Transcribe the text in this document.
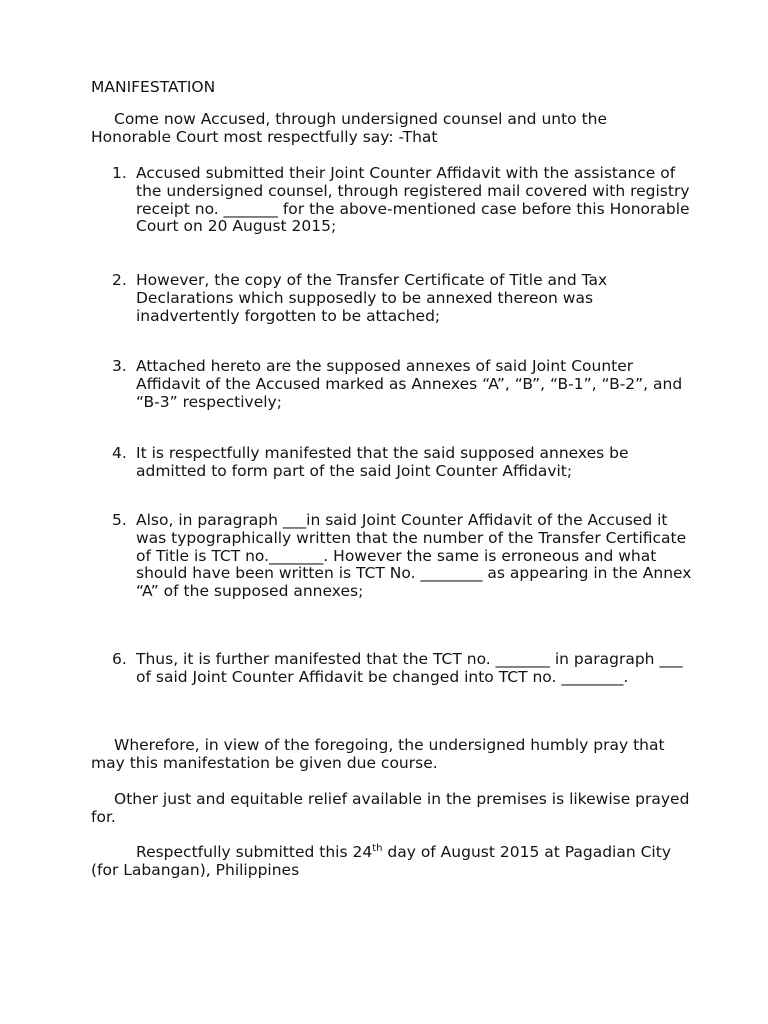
MANIFESTATION

Come now Accused, through undersigned counsel and unto the Honorable Court most respectfully say: -That

1. Accused submitted their Joint Counter Affidavit with the assistance of the undersigned counsel, through registered mail covered with registry receipt no. _______ for the above-mentioned case before this Honorable Court on 20 August 2015;
2. However, the copy of the Transfer Certificate of Title and Tax Declarations which supposedly to be annexed thereon was inadvertently forgotten to be attached;
3. Attached hereto are the supposed annexes of said Joint Counter Affidavit of the Accused marked as Annexes “A”, “B”, “B-1”, “B-2”, and “B-3” respectively;
4. It is respectfully manifested that the said supposed annexes be admitted to form part of the said Joint Counter Affidavit;
5. Also, in paragraph ___in said Joint Counter Affidavit of the Accused it was typographically written that the number of the Transfer Certificate of Title is TCT no._______. However the same is erroneous and what should have been written is TCT No. ________ as appearing in the Annex “A” of the supposed annexes;
6. Thus, it is further manifested that the TCT no. _______ in paragraph ___ of said Joint Counter Affidavit be changed into TCT no. ________.

Wherefore, in view of the foregoing, the undersigned humbly pray that may this manifestation be given due course.

Other just and equitable relief available in the premises is likewise prayed for.

Respectfully submitted this 24th day of August 2015 at Pagadian City (for Labangan), Philippines
